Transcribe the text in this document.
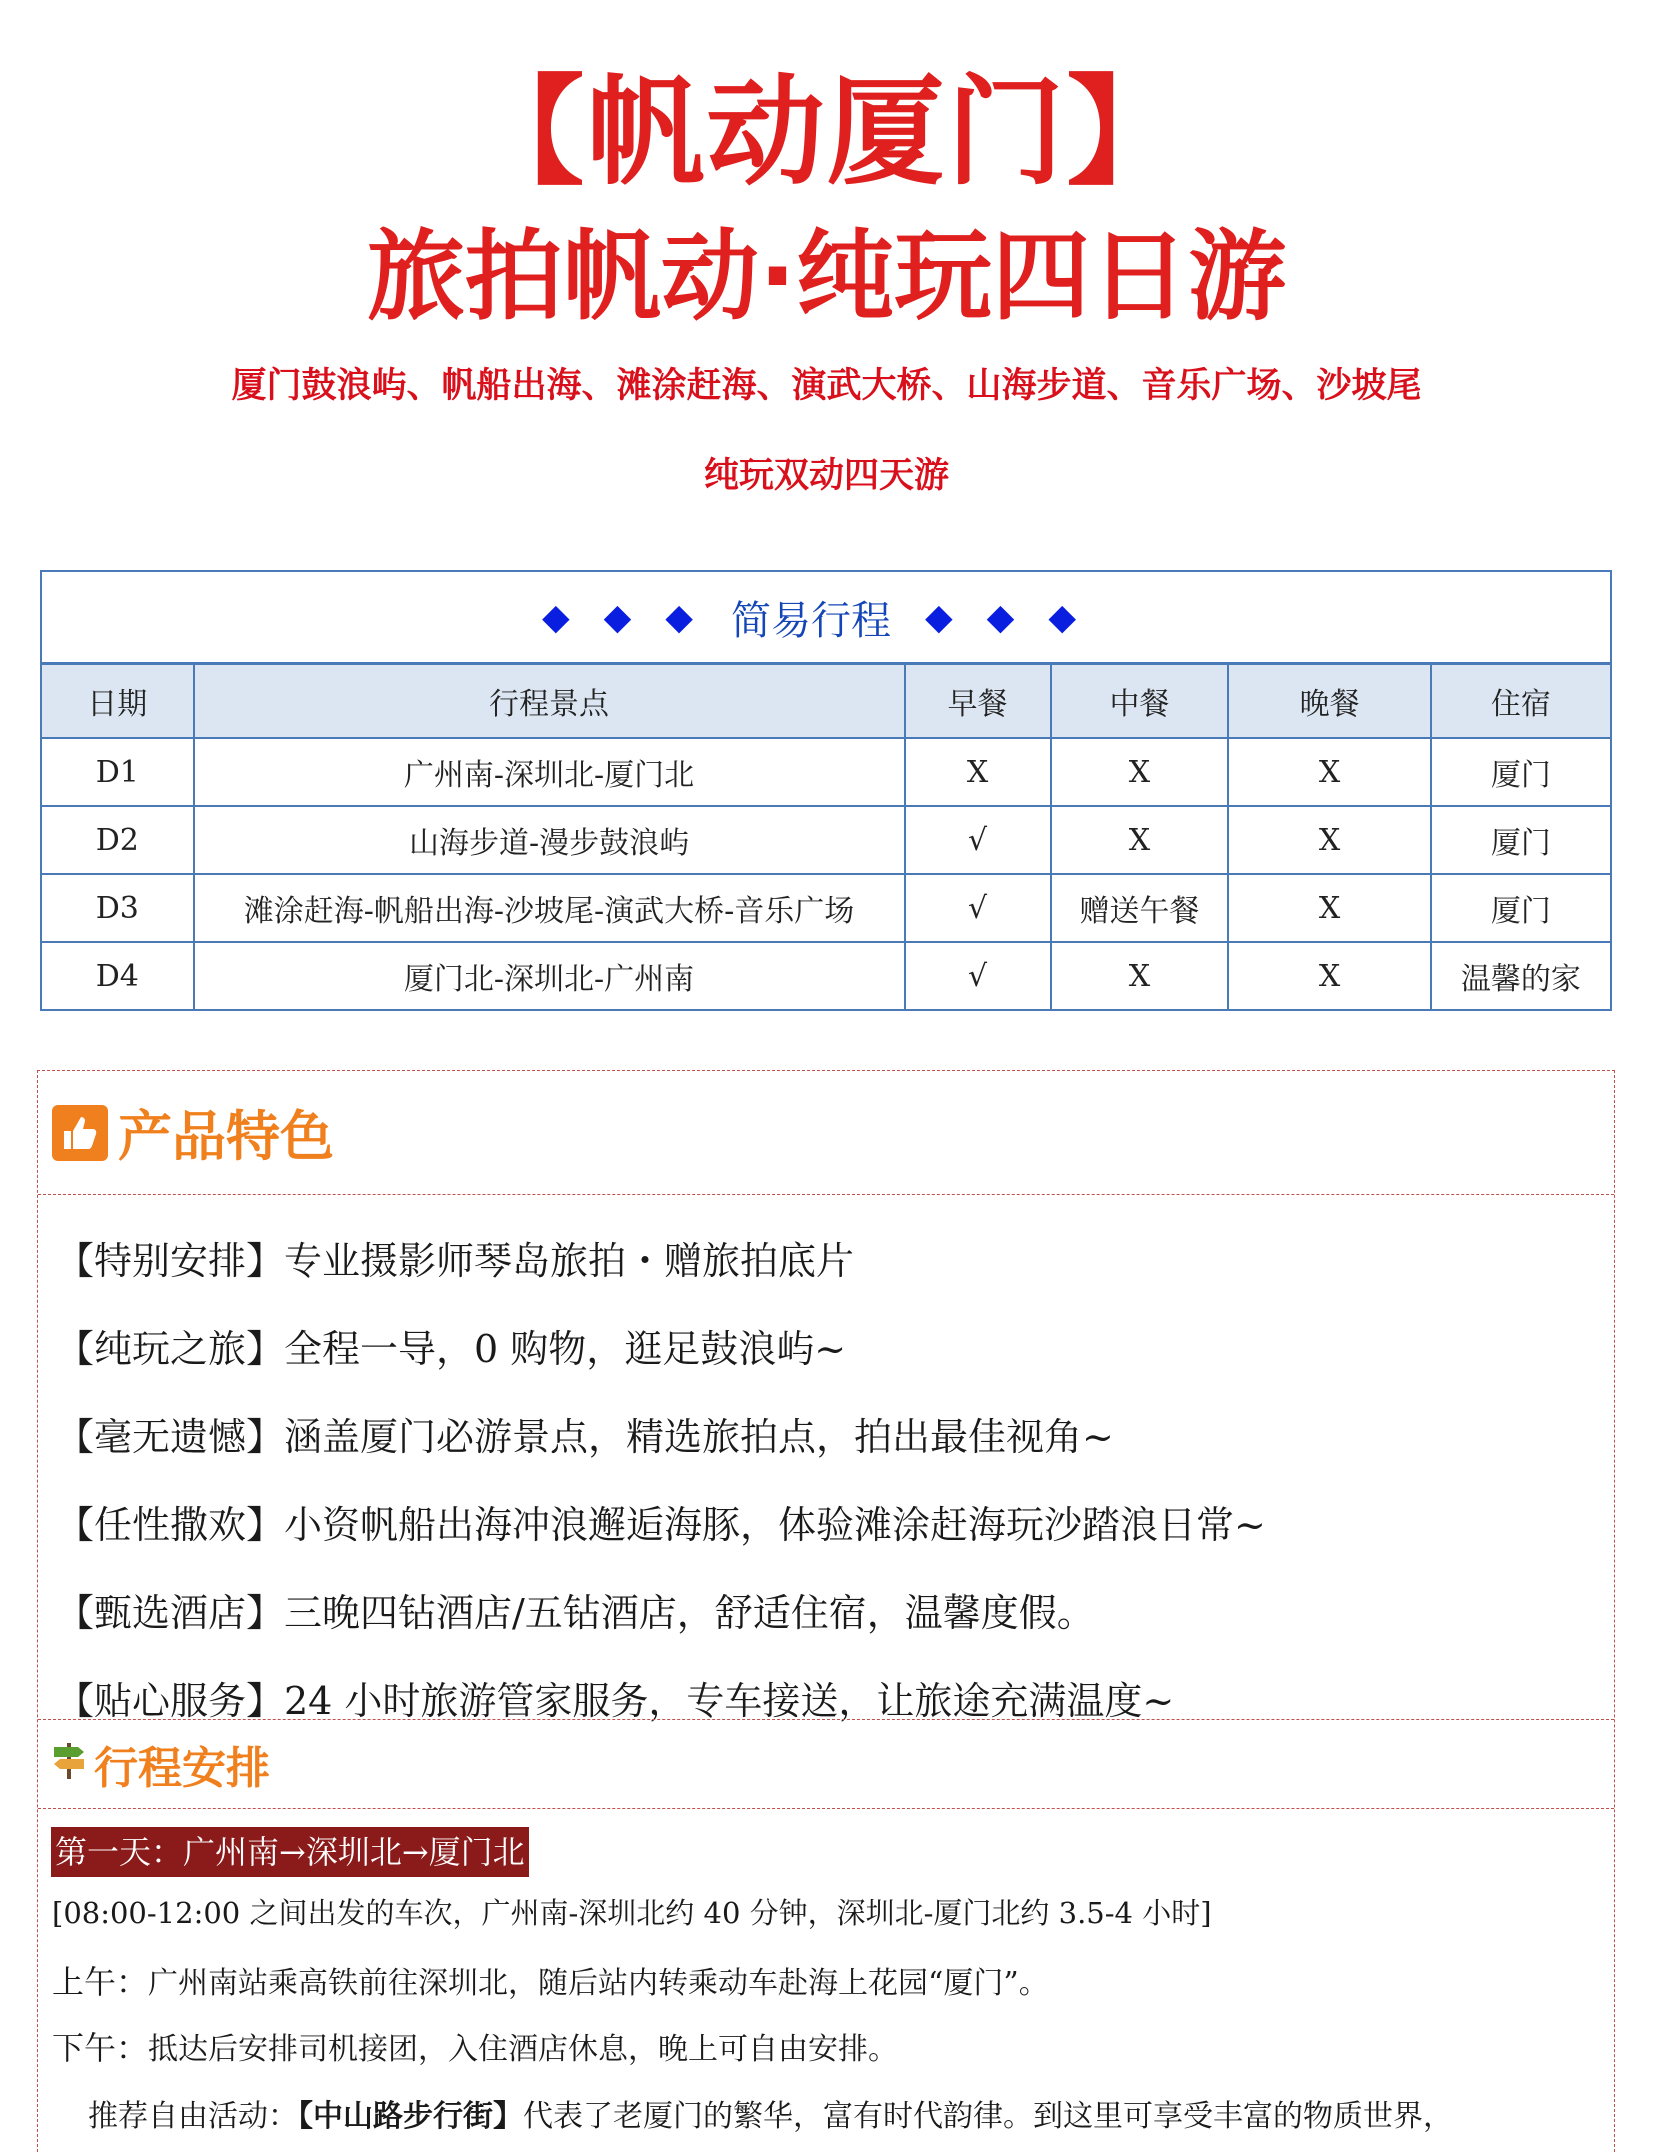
【帆动厦门】
旅拍帆动·纯玩四日游
厦门鼓浪屿、帆船出海、滩涂赶海、演武大桥、山海步道、音乐广场、沙坡尾
纯玩双动四天游
◆◆◆ 简易行程 ◆◆◆
日期	行程景点	早餐	中餐	晚餐	住宿
D1	广州南-深圳北-厦门北	X	X	X	厦门
D2	山海步道-漫步鼓浪屿	√	X	X	厦门
D3	滩涂赶海-帆船出海-沙坡尾-演武大桥-音乐广场	√	赠送午餐	X	厦门
D4	厦门北-深圳北-广州南	√	X	X	温馨的家
产品特色
【特别安排】专业摄影师琴岛旅拍・赠旅拍底片
【纯玩之旅】全程一导，0 购物，逛足鼓浪屿~
【毫无遗憾】涵盖厦门必游景点，精选旅拍点，拍出最佳视角~
【任性撒欢】小资帆船出海冲浪邂逅海豚，体验滩涂赶海玩沙踏浪日常~
【甄选酒店】三晚四钻酒店/五钻酒店，舒适住宿，温馨度假。
【贴心服务】24 小时旅游管家服务，专车接送，让旅途充满温度~
行程安排
第一天：广州南→深圳北→厦门北
[08:00-12:00 之间出发的车次，广州南-深圳北约 40 分钟，深圳北-厦门北约 3.5-4 小时]
上午：广州南站乘高铁前往深圳北，随后站内转乘动车赴海上花园“厦门”。
下午：抵达后安排司机接团，入住酒店休息，晚上可自由安排。
推荐自由活动：【中山路步行街】代表了老厦门的繁华，富有时代韵律。到这里可享受丰富的物质世界，
